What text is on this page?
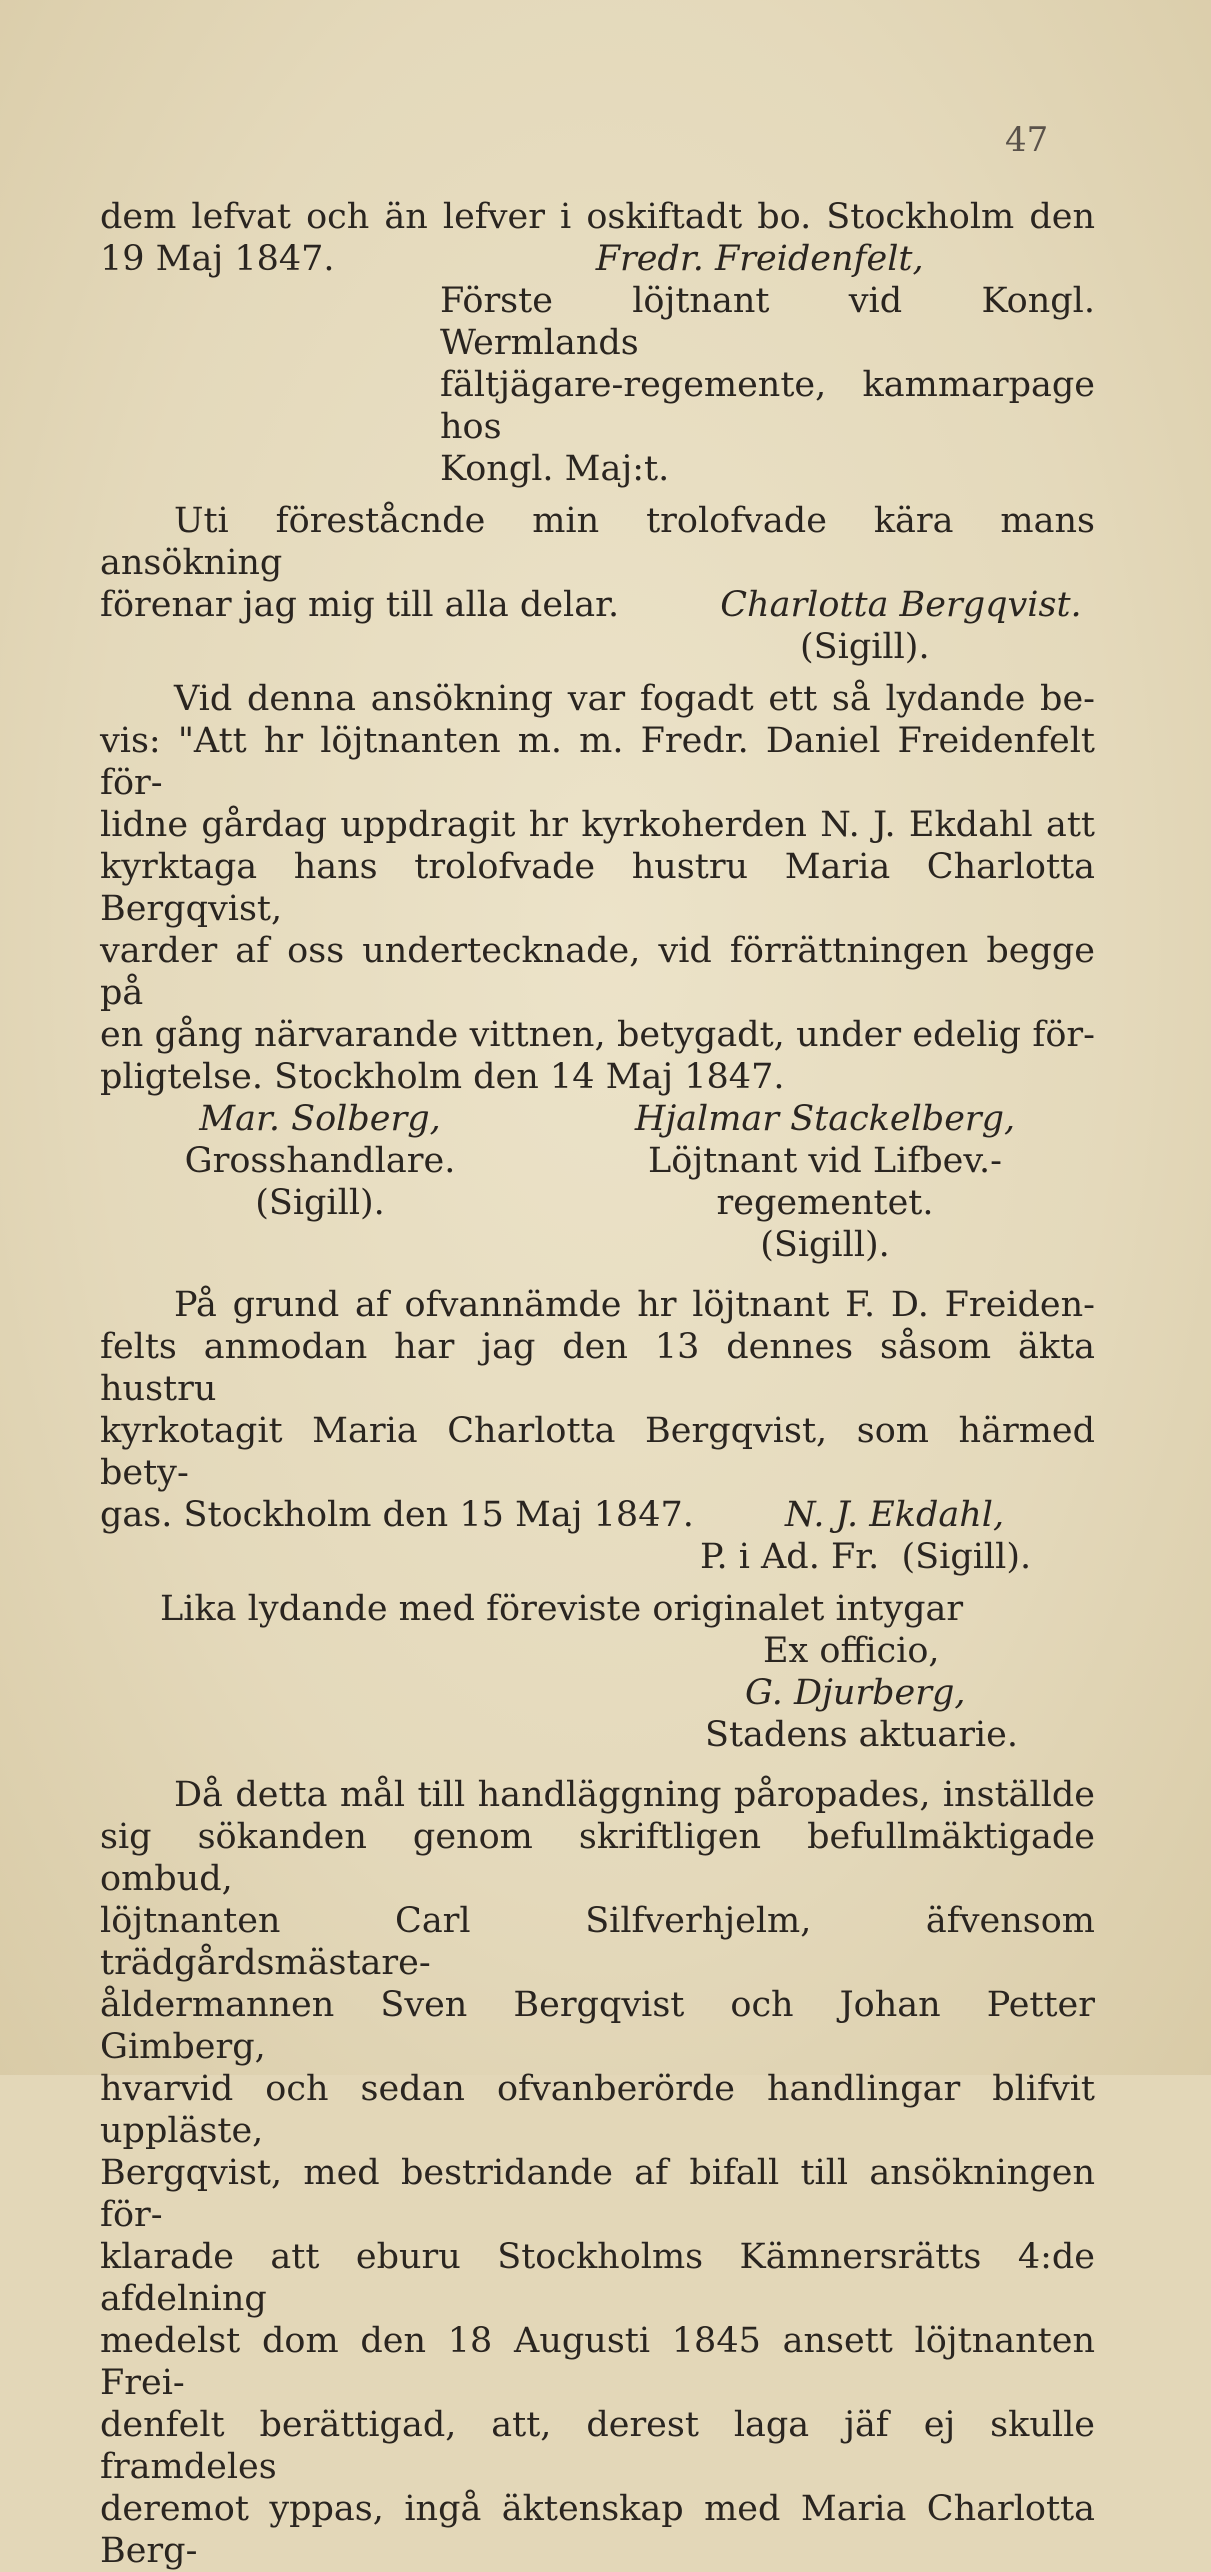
47

dem lefvat och än lefver i oskiftadt bo. Stockholm den

19 Maj 1847.	Fredr. Freidenfelt,

Förste löjtnant vid Kongl. Wermlands

fältjägare-regemente, kammarpage hos

Kongl. Maj:t.

Uti föreståcnde min trolofvade kära mans ansökning

förenar jag mig till alla delar.	Charlotta Bergqvist.

(Sigill).

Vid denna ansökning var fogadt ett så lydande be-

vis: "Att hr löjtnanten m. m. Fredr. Daniel Freidenfelt för-

lidne gårdag uppdragit hr kyrkoherden N. J. Ekdahl att

kyrktaga hans trolofvade hustru Maria Charlotta Bergqvist,

varder af oss undertecknade, vid förrättningen begge på

en gång närvarande vittnen, betygadt, under edelig för-

pligtelse. Stockholm den 14 Maj 1847.

Mar. Solberg,

Grosshandlare.

(Sigill).

Hjalmar Stackelberg,

Löjtnant vid Lifbev.-regementet.

(Sigill).

På grund af ofvannämde hr löjtnant F. D. Freiden-

felts anmodan har jag den 13 dennes såsom äkta hustru

kyrkotagit Maria Charlotta Bergqvist, som härmed bety-

gas. Stockholm den 15 Maj 1847.	N. J. Ekdahl,

P. i Ad. Fr.  (Sigill).

Lika lydande med föreviste originalet intygar

Ex officio,

G. Djurberg,

Stadens aktuarie.

Då detta mål till handläggning påropades, inställde

sig sökanden genom skriftligen befullmäktigade ombud,

löjtnanten Carl Silfverhjelm, äfvensom trädgårdsmästare-

åldermannen Sven Bergqvist och Johan Petter Gimberg,

hvarvid och sedan ofvanberörde handlingar blifvit uppläste,

Bergqvist, med bestridande af bifall till ansökningen för-

klarade att eburu Stockholms Kämnersrätts 4:de afdelning

medelst dom den 18 Augusti 1845 ansett löjtnanten Frei-

denfelt berättigad, att, derest laga jäf ej skulle framdeles

deremot yppas, ingå äktenskap med Maria Charlotta Berg-
